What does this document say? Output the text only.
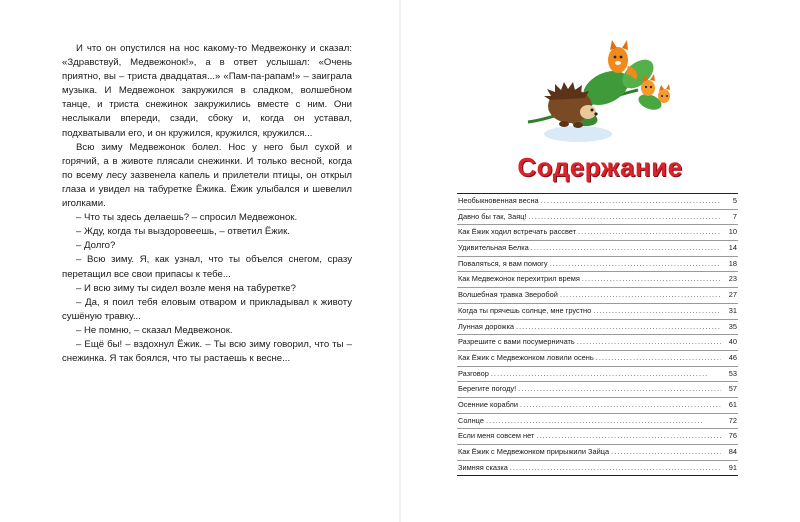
И что он опустился на нос какому-то Медвежонку и сказал: «Здравствуй, Медвежонок!», а в ответ услышал: «Очень приятно, вы – триста двадцатая...» «Пам-па-рапам!» – заиграла музыка. И Медвежонок закружился в сладком, волшебном танце, и триста снежинок закружились вместе с ним. Они неслыкали впереди, сзади, сбоку и, когда он уставал, подхватывали его, и он кружился, кружился, кружился...

Всю зиму Медвежонок болел. Нос у него был сухой и горячий, а в животе плясали снежинки. И только весной, когда по всему лесу зазвенела капель и прилетели птицы, он открыл глаза и увидел на табуретке Ёжика. Ёжик улыбался и шевелил иголками.

– Что ты здесь делаешь? – спросил Медвежонок.

– Жду, когда ты выздоровеешь, – ответил Ёжик.

– Долго?

– Всю зиму. Я, как узнал, что ты объелся снегом, сразу перетащил все свои припасы к тебе...

– И всю зиму ты сидел возле меня на табуретке?

– Да, я поил тебя еловым отваром и прикладывал к животу сушёную травку...

– Не помню, – сказал Медвежонок.

– Ещё бы! – вздохнул Ёжик. – Ты всю зиму говорил, что ты – снежинка. Я так боялся, что ты растаешь к весне...

Содержание
Необыкновенная весна . . .	5
Давно бы так, Заяц! . . .	7
Как Ёжик ходил встречать рассвет . . .	10
Удивительная Белка . . .	14
Поваляться, я вам помогу . . .	18
Как Медвежонок перехитрил время . . .	23
Волшебная травка Зверобой . . .	27
Когда ты прячешь солнце, мне грустно . . .	31
Лунная дорожка . . .	35
Разрешите с вами посумерничать . . .	40
Как Ёжик с Медвежонком ловили осень . . .	46
Разговор . . .	53
Берегите погоду! . . .	57
Осенние корабли . . .	61
Солнце . . .	72
Если меня совсем нет . . .	76
Как Ёжик с Медвежонком прирыжили Зайца . . .	84
Зимняя сказка . . .	91
